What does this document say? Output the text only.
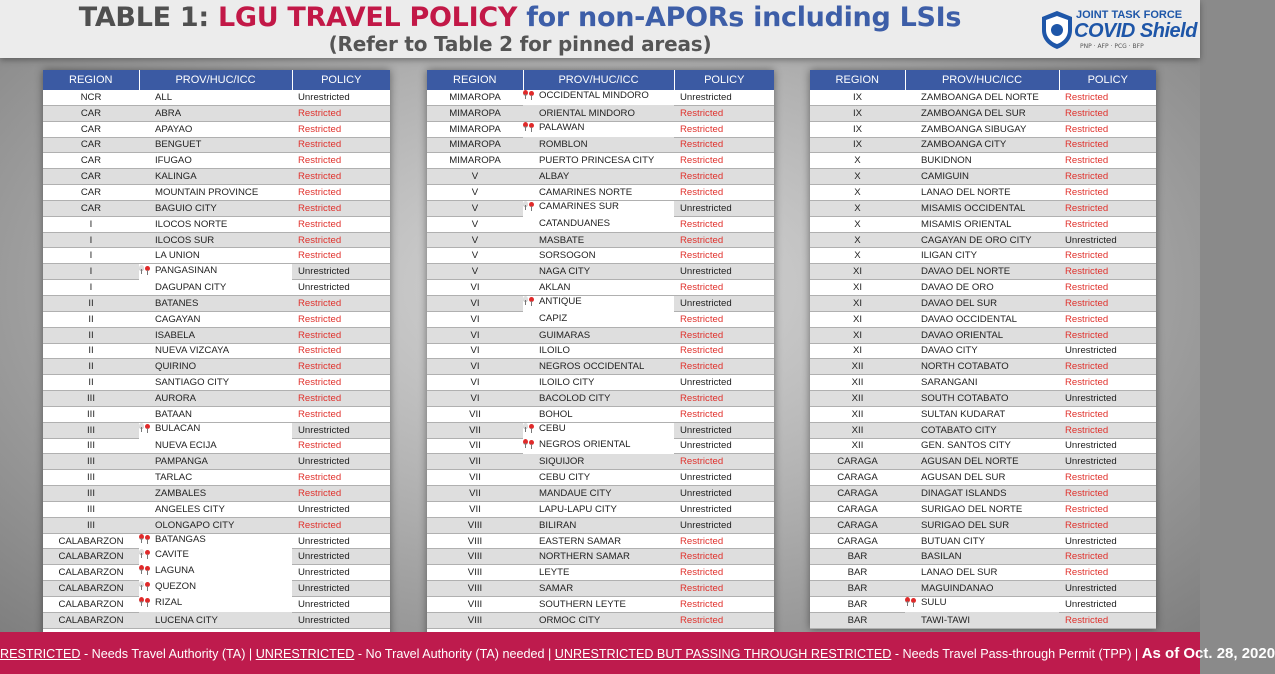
TABLE 1: LGU TRAVEL POLICY for non-APORs including LSIs
(Refer to Table 2 for pinned areas)
JOINT TASK FORCE
COVID Shield
PNP · AFP · PCG · BFP
REGION	PROV/HUC/ICC	POLICY
NCR	ALL	Unrestricted
CAR	ABRA	Restricted
CAR	APAYAO	Restricted
CAR	BENGUET	Restricted
CAR	IFUGAO	Restricted
CAR	KALINGA	Restricted
CAR	MOUNTAIN PROVINCE	Restricted
CAR	BAGUIO CITY	Restricted
I	ILOCOS NORTE	Restricted
I	ILOCOS SUR	Restricted
I	LA UNION	Restricted
I		PANGASINAN	Unrestricted
I	DAGUPAN CITY	Unrestricted
II	BATANES	Restricted
II	CAGAYAN	Restricted
II	ISABELA	Restricted
II	NUEVA VIZCAYA	Restricted
II	QUIRINO	Restricted
II	SANTIAGO CITY	Restricted
III	AURORA	Restricted
III	BATAAN	Restricted
III		BULACAN	Unrestricted
III	NUEVA ECIJA	Restricted
III	PAMPANGA	Unrestricted
III	TARLAC	Restricted
III	ZAMBALES	Restricted
III	ANGELES CITY	Unrestricted
III	OLONGAPO CITY	Restricted
CALABARZON		BATANGAS	Unrestricted
CALABARZON		CAVITE	Unrestricted
CALABARZON		LAGUNA	Unrestricted
CALABARZON		QUEZON	Unrestricted
CALABARZON		RIZAL	Unrestricted
CALABARZON	LUCENA CITY	Unrestricted

REGION	PROV/HUC/ICC	POLICY
MIMAROPA		OCCIDENTAL MINDORO	Unrestricted
MIMAROPA	ORIENTAL MINDORO	Restricted
MIMAROPA		PALAWAN	Restricted
MIMAROPA	ROMBLON	Restricted
MIMAROPA	PUERTO PRINCESA CITY	Restricted
V	ALBAY	Restricted
V	CAMARINES NORTE	Restricted
V		CAMARINES SUR	Unrestricted
V	CATANDUANES	Restricted
V	MASBATE	Restricted
V	SORSOGON	Restricted
V	NAGA CITY	Unrestricted
VI	AKLAN	Restricted
VI		ANTIQUE	Unrestricted
VI	CAPIZ	Restricted
VI	GUIMARAS	Restricted
VI	ILOILO	Restricted
VI	NEGROS OCCIDENTAL	Restricted
VI	ILOILO CITY	Unrestricted
VI	BACOLOD CITY	Restricted
VII	BOHOL	Restricted
VII		CEBU	Unrestricted
VII		NEGROS ORIENTAL	Unrestricted
VII	SIQUIJOR	Restricted
VII	CEBU CITY	Unrestricted
VII	MANDAUE CITY	Unrestricted
VII	LAPU-LAPU CITY	Unrestricted
VIII	BILIRAN	Unrestricted
VIII	EASTERN SAMAR	Restricted
VIII	NORTHERN SAMAR	Restricted
VIII	LEYTE	Restricted
VIII	SAMAR	Restricted
VIII	SOUTHERN LEYTE	Restricted
VIII	ORMOC CITY	Restricted

REGION	PROV/HUC/ICC	POLICY
IX	ZAMBOANGA DEL NORTE	Restricted
IX	ZAMBOANGA DEL SUR	Restricted
IX	ZAMBOANGA SIBUGAY	Restricted
IX	ZAMBOANGA CITY	Restricted
X	BUKIDNON	Restricted
X	CAMIGUIN	Restricted
X	LANAO DEL NORTE	Restricted
X	MISAMIS OCCIDENTAL	Restricted
X	MISAMIS ORIENTAL	Restricted
X	CAGAYAN DE ORO CITY	Unrestricted
X	ILIGAN CITY	Restricted
XI	DAVAO DEL NORTE	Restricted
XI	DAVAO DE ORO	Restricted
XI	DAVAO DEL SUR	Restricted
XI	DAVAO OCCIDENTAL	Restricted
XI	DAVAO ORIENTAL	Restricted
XI	DAVAO CITY	Unrestricted
XII	NORTH COTABATO	Restricted
XII	SARANGANI	Restricted
XII	SOUTH COTABATO	Unrestricted
XII	SULTAN KUDARAT	Restricted
XII	COTABATO CITY	Restricted
XII	GEN. SANTOS CITY	Unrestricted
CARAGA	AGUSAN DEL NORTE	Unrestricted
CARAGA	AGUSAN DEL SUR	Restricted
CARAGA	DINAGAT ISLANDS	Restricted
CARAGA	SURIGAO DEL NORTE	Restricted
CARAGA	SURIGAO DEL SUR	Restricted
CARAGA	BUTUAN CITY	Unrestricted
BAR	BASILAN	Restricted
BAR	LANAO DEL SUR	Restricted
BAR	MAGUINDANAO	Unrestricted
BAR		SULU	Unrestricted
BAR	TAWI-TAWI	Restricted
RESTRICTED - Needs Travel Authority (TA) | UNRESTRICTED - No Travel Authority (TA) needed | UNRESTRICTED BUT PASSING THROUGH RESTRICTED - Needs Travel Pass-through Permit (TPP) | As of Oct. 28, 2020
